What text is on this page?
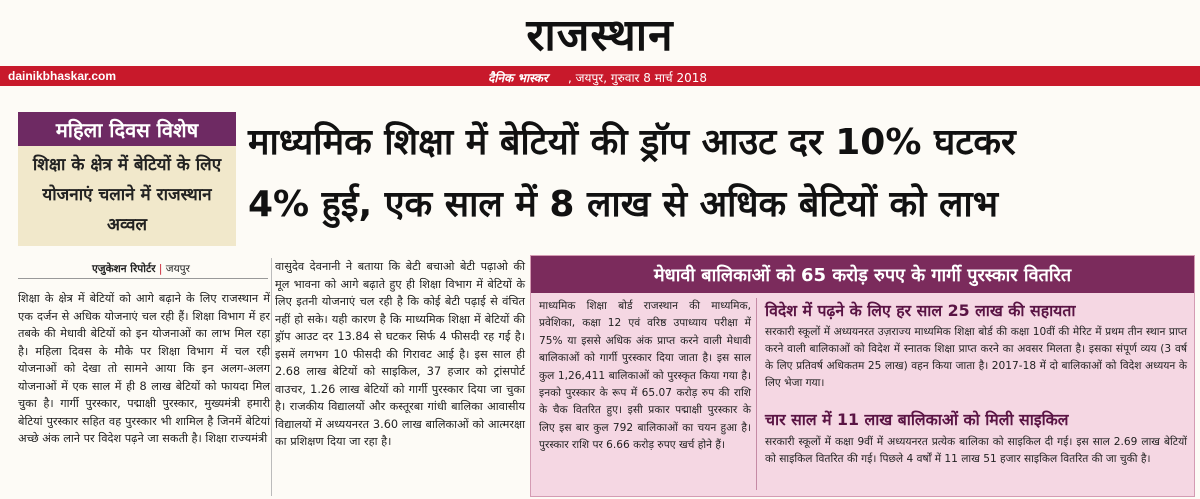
राजस्थान
dainikbhaskar.com	दैनिक भास्कर , जयपुर, गुरुवार 8 मार्च 2018
महिला दिवस विशेष
शिक्षा के क्षेत्र में बेटियों के लिए योजनाएं चलाने में राजस्थान अव्वल
माध्यमिक शिक्षा में बेटियों की ड्रॉप आउट दर 10% घटकर
4% हुई, एक साल में 8 लाख से अधिक बेटियों को लाभ
एजुकेशन रिपोर्टर | जयपुर
शिक्षा के क्षेत्र में बेटियों को आगे बढ़ाने के लिए राजस्थान में एक दर्जन से अधिक योजनाएं चल रही हैं। शिक्षा विभाग में हर तबके की मेधावी बेटियों को इन योजनाओं का लाभ मिल रहा है। महिला दिवस के मौके पर शिक्षा विभाग में चल रही योजनाओं को देखा तो सामने आया कि इन अलग-अलग योजनाओं में एक साल में ही 8 लाख बेटियों को फायदा मिल चुका है। गार्गी पुरस्कार, पद्माक्षी पुरस्कार, मुख्यमंत्री हमारी बेटियां पुरस्कार सहित वह पुरस्कार भी शामिल है जिनमें बेटियां अच्छे अंक लाने पर विदेश पढ़ने जा सकती है। शिक्षा राज्यमंत्री
वासुदेव देवनानी ने बताया कि बेटी बचाओ बेटी पढ़ाओ की मूल भावना को आगे बढ़ाते हुए ही शिक्षा विभाग में बेटियों के लिए इतनी योजनाएं चल रही है कि कोई बेटी पढ़ाई से वंचित नहीं हो सके। यही कारण है कि माध्यमिक शिक्षा में बेटियों की ड्रॉप आउट दर 13.84 से घटकर सिर्फ 4 फीसदी रह गई है। इसमें लगभग 10 फीसदी की गिरावट आई है। इस साल ही 2.68 लाख बेटियों को साइकिल, 37 हजार को ट्रांसपोर्ट वाउचर, 1.26 लाख बेटियों को गार्गी पुरस्कार दिया जा चुका है। राजकीय विद्यालयों और कस्तूरबा गांधी बालिका आवासीय विद्यालयों में अध्ययनरत 3.60 लाख बालिकाओं को आत्मरक्षा का प्रशिक्षण दिया जा रहा है।
मेधावी बालिकाओं को 65 करोड़ रुपए के गार्गी पुरस्कार वितरित
माध्यमिक शिक्षा बोर्ड राजस्थान की माध्यमिक, प्रवेशिका, कक्षा 12 एवं वरिष्ठ उपाध्याय परीक्षा में 75% या इससे अधिक अंक प्राप्त करने वाली मेधावी बालिकाओं को गार्गी पुरस्कार दिया जाता है। इस साल कुल 1,26,411 बालिकाओं को पुरस्कृत किया गया है। इनको पुरस्कार के रूप में 65.07 करोड़ रुप की राशि के चैक वितरित हुए। इसी प्रकार पद्माक्षी पुरस्कार के लिए इस बार कुल 792 बालिकाओं का चयन हुआ है। पुरस्कार राशि पर 6.66 करोड़ रुपए खर्च होने हैं।
विदेश में पढ़ने के लिए हर साल 25 लाख की सहायता
सरकारी स्कूलों में अध्ययनरत उज़राज्य माध्यमिक शिक्षा बोर्ड की कक्षा 10वीं की मेरिट में प्रथम तीन स्थान प्राप्त करने वाली बालिकाओं को विदेश में स्नातक शिक्षा प्राप्त करने का अवसर मिलता है। इसका संपूर्ण व्यय (3 वर्ष के लिए प्रतिवर्ष अधिकतम 25 लाख) वहन किया जाता है। 2017-18 में दो बालिकाओं को विदेश अध्ययन के लिए भेजा गया।
चार साल में 11 लाख बालिकाओं को मिली साइकिल
सरकारी स्कूलों में कक्षा 9वीं में अध्ययनरत प्रत्येक बालिका को साइकिल दी गई। इस साल 2.69 लाख बेटियों को साइकिल वितरित की गई। पिछले 4 वर्षों में 11 लाख 51 हजार साइकिल वितरित की जा चुकी है।
